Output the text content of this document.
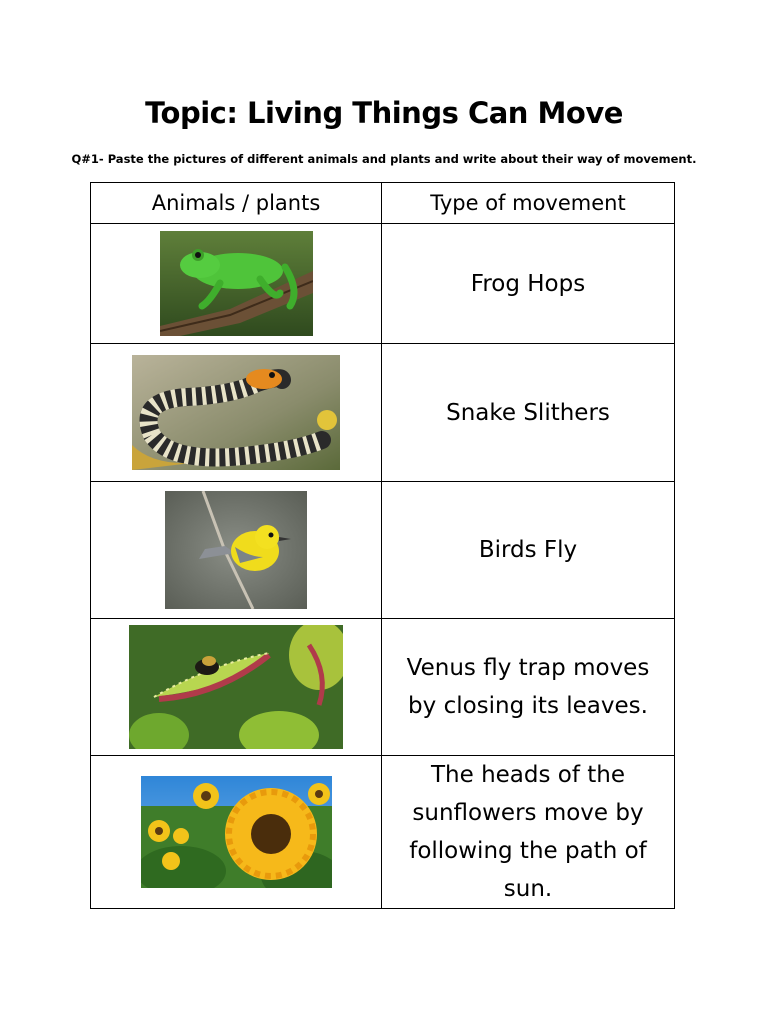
Topic: Living Things Can Move
Q#1- Paste the pictures of different animals and plants and write about their way of movement.
Animals / plants	Type of movement

	Frog Hops

	Snake Slithers

	Birds Fly

	Venus fly trap moves by closing its leaves.

	The heads of the sunflowers move by following the path of sun.
